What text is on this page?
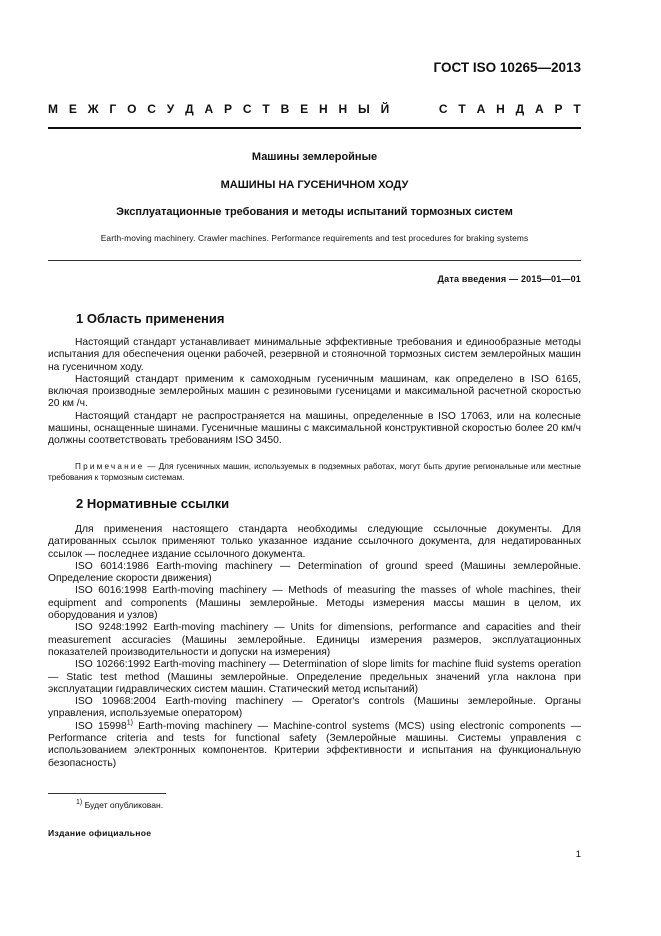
ГОСТ ISO 10265—2013
М Е Ж Г О С У Д А Р С Т В Е Н Н Ы Й	С Т А Н Д А Р Т
Машины землеройные
МАШИНЫ НА ГУСЕНИЧНОМ ХОДУ
Эксплуатационные требования и методы испытаний тормозных систем
Earth-moving machinery. Crawler machines. Performance requirements and test procedures for braking systems
Дата введения — 2015—01—01
1 Область применения

Настоящий стандарт устанавливает минимальные эффективные требования и единообразные методы испытания для обеспечения оценки рабочей, резервной и стояночной тормозных систем землеройных машин на гусеничном ходу.

Настоящий стандарт применим к самоходным гусеничным машинам, как определено в ISO 6165, включая производные землеройных машин с резиновыми гусеницами и максимальной расчетной скоростью 20 км /ч.

Настоящий стандарт не распространяется на машины, определенные в ISO 17063, или на колесные машины, оснащенные шинами. Гусеничные машины с максимальной конструктивной скоростью более 20 км/ч должны соответствовать требованиям ISO 3450.

Примечание — Для гусеничных машин, используемых в подземных работах, могут быть другие региональные или местные требования к тормозным системам.
2 Нормативные ссылки

Для применения настоящего стандарта необходимы следующие ссылочные документы. Для датированных ссылок применяют только указанное издание ссылочного документа, для недатированных ссылок — последнее издание ссылочного документа.

ISO 6014:1986 Earth-moving machinery — Determination of ground speed (Машины землеройные. Определение скорости движения)

ISO 6016:1998 Earth-moving machinery — Methods of measuring the masses of whole machines, their equipment and components (Машины землеройные. Методы измерения массы машин в целом, их оборудования и узлов)

ISO 9248:1992 Earth-moving machinery — Units for dimensions, performance and capacities and their measurement accuracies (Машины землеройные. Единицы измерения размеров, эксплуатационных показателей производительности и допуски на измерения)

ISO 10266:1992 Earth-moving machinery — Determination of slope limits for machine fluid systems operation — Static test method (Машины землеройные. Определение предельных значений угла наклона при эксплуатации гидравлических систем машин. Статический метод испытаний)

ISO 10968:2004 Earth-moving machinery — Operator's controls (Машины землеройные. Органы управления, используемые оператором)

ISO 15998$^{1)}$ Earth-moving machinery — Machine-control systems (MCS) using electronic components — Performance criteria and tests for functional safety (Землеройные машины. Системы управления с использованием электронных компонентов. Критерии эффективности и испытания на функциональную безопасность)

$^{1)}$ Будет опубликован.
Издание официальное
1
